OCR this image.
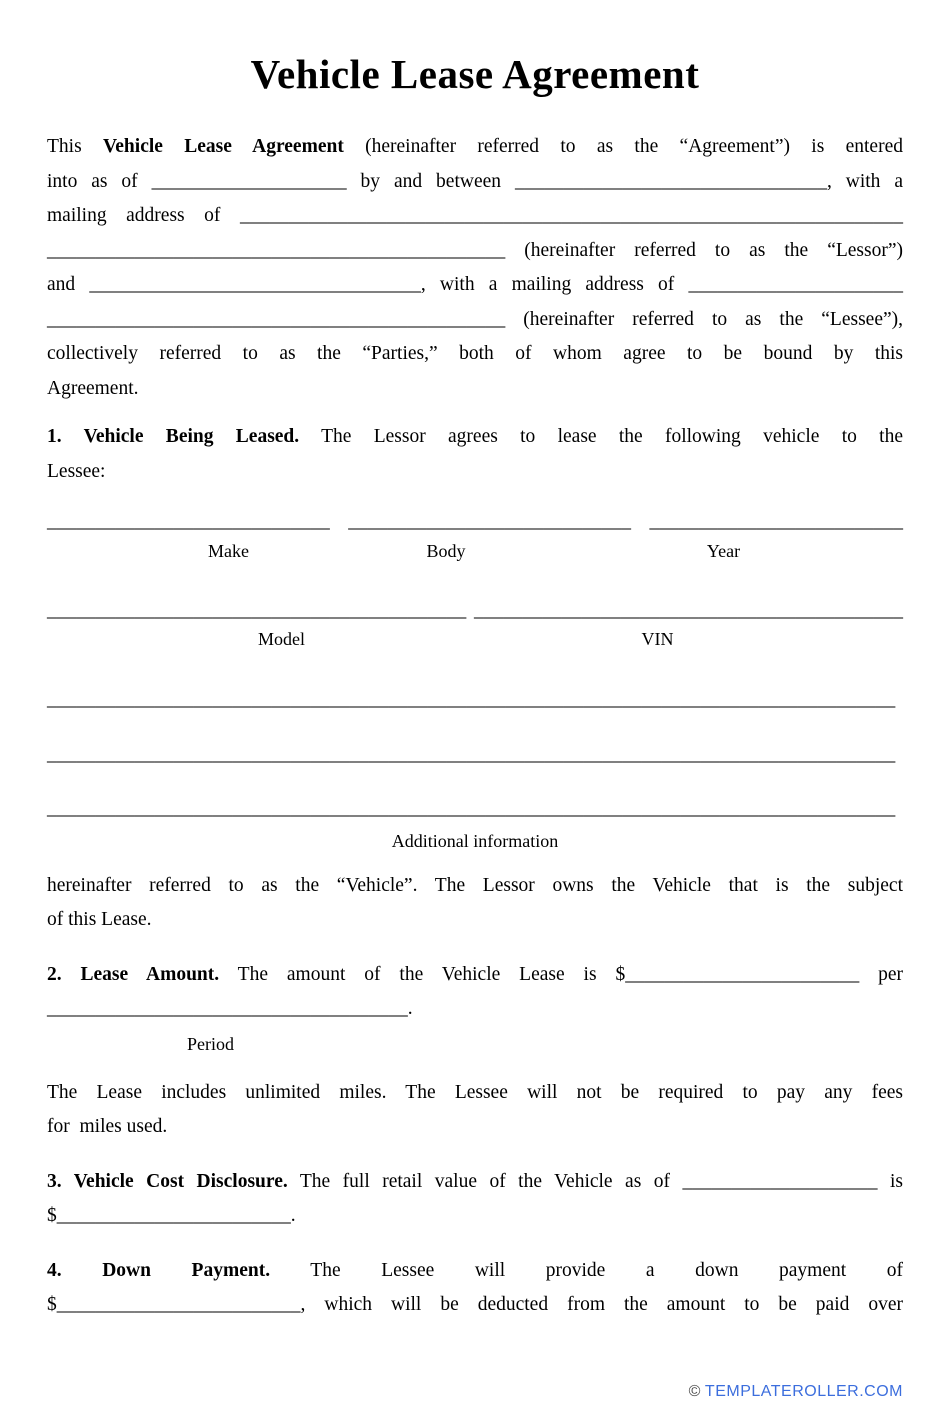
Vehicle Lease Agreement
This Vehicle Lease Agreement (hereinafter referred to as the “Agreement”) is entered
into as of ____________________ by and between ________________________________, with a
mailing address of ____________________________________________________________________
_______________________________________________ (hereinafter referred to as the “Lessor”)
and __________________________________, with a mailing address of ______________________
_______________________________________________ (hereinafter referred to as the “Lessee”),
collectively referred to as the “Parties,” both of whom agree to be bound by this
Agreement.
1. Vehicle Being Leased. The Lessor agrees to lease the following vehicle to the
Lessee:
_____________________________ _____________________________ __________________________
Make	Body	Year
___________________________________________ ____________________________________________
Model	VIN
_______________________________________________________________________________________
_______________________________________________________________________________________
_______________________________________________________________________________________
Additional information
hereinafter referred to as the “Vehicle”. The Lessor owns the Vehicle that is the subject
of this Lease.
2. Lease Amount. The amount of the Vehicle Lease is $________________________ per
_____________________________________.
Period
The Lease includes unlimited miles. The Lessee will not be required to pay any fees
for  miles used.
3. Vehicle Cost Disclosure. The full retail value of the Vehicle as of ____________________ is
$________________________.
4. Down Payment. The Lessee will provide a down payment of
$_________________________, which will be deducted from the amount to be paid over
© TEMPLATEROLLER.COM
